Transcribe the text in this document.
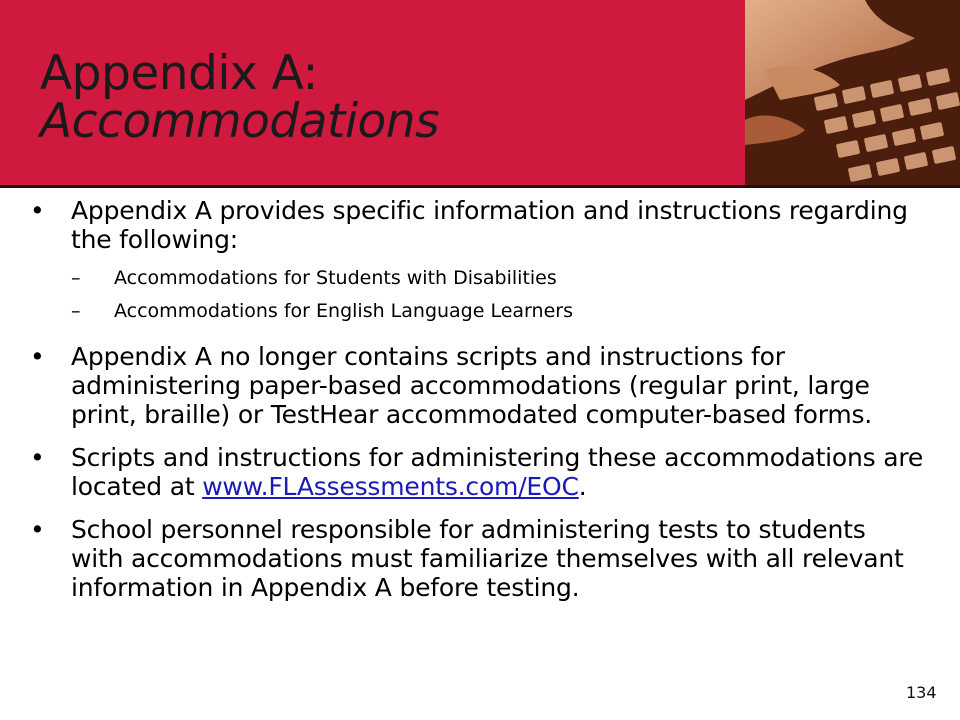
Appendix A:
Accommodations
• Appendix A provides specific information and instructions regarding the following:
– Accommodations for Students with Disabilities
– Accommodations for English Language Learners
• Appendix A no longer contains scripts and instructions for administering paper-based accommodations (regular print, large print, braille) or TestHear accommodated computer-based forms.
• Scripts and instructions for administering these accommodations are located at www.FLAssessments.com/EOC.
• School personnel responsible for administering tests to students with accommodations must familiarize themselves with all relevant information in Appendix A before testing.
134
